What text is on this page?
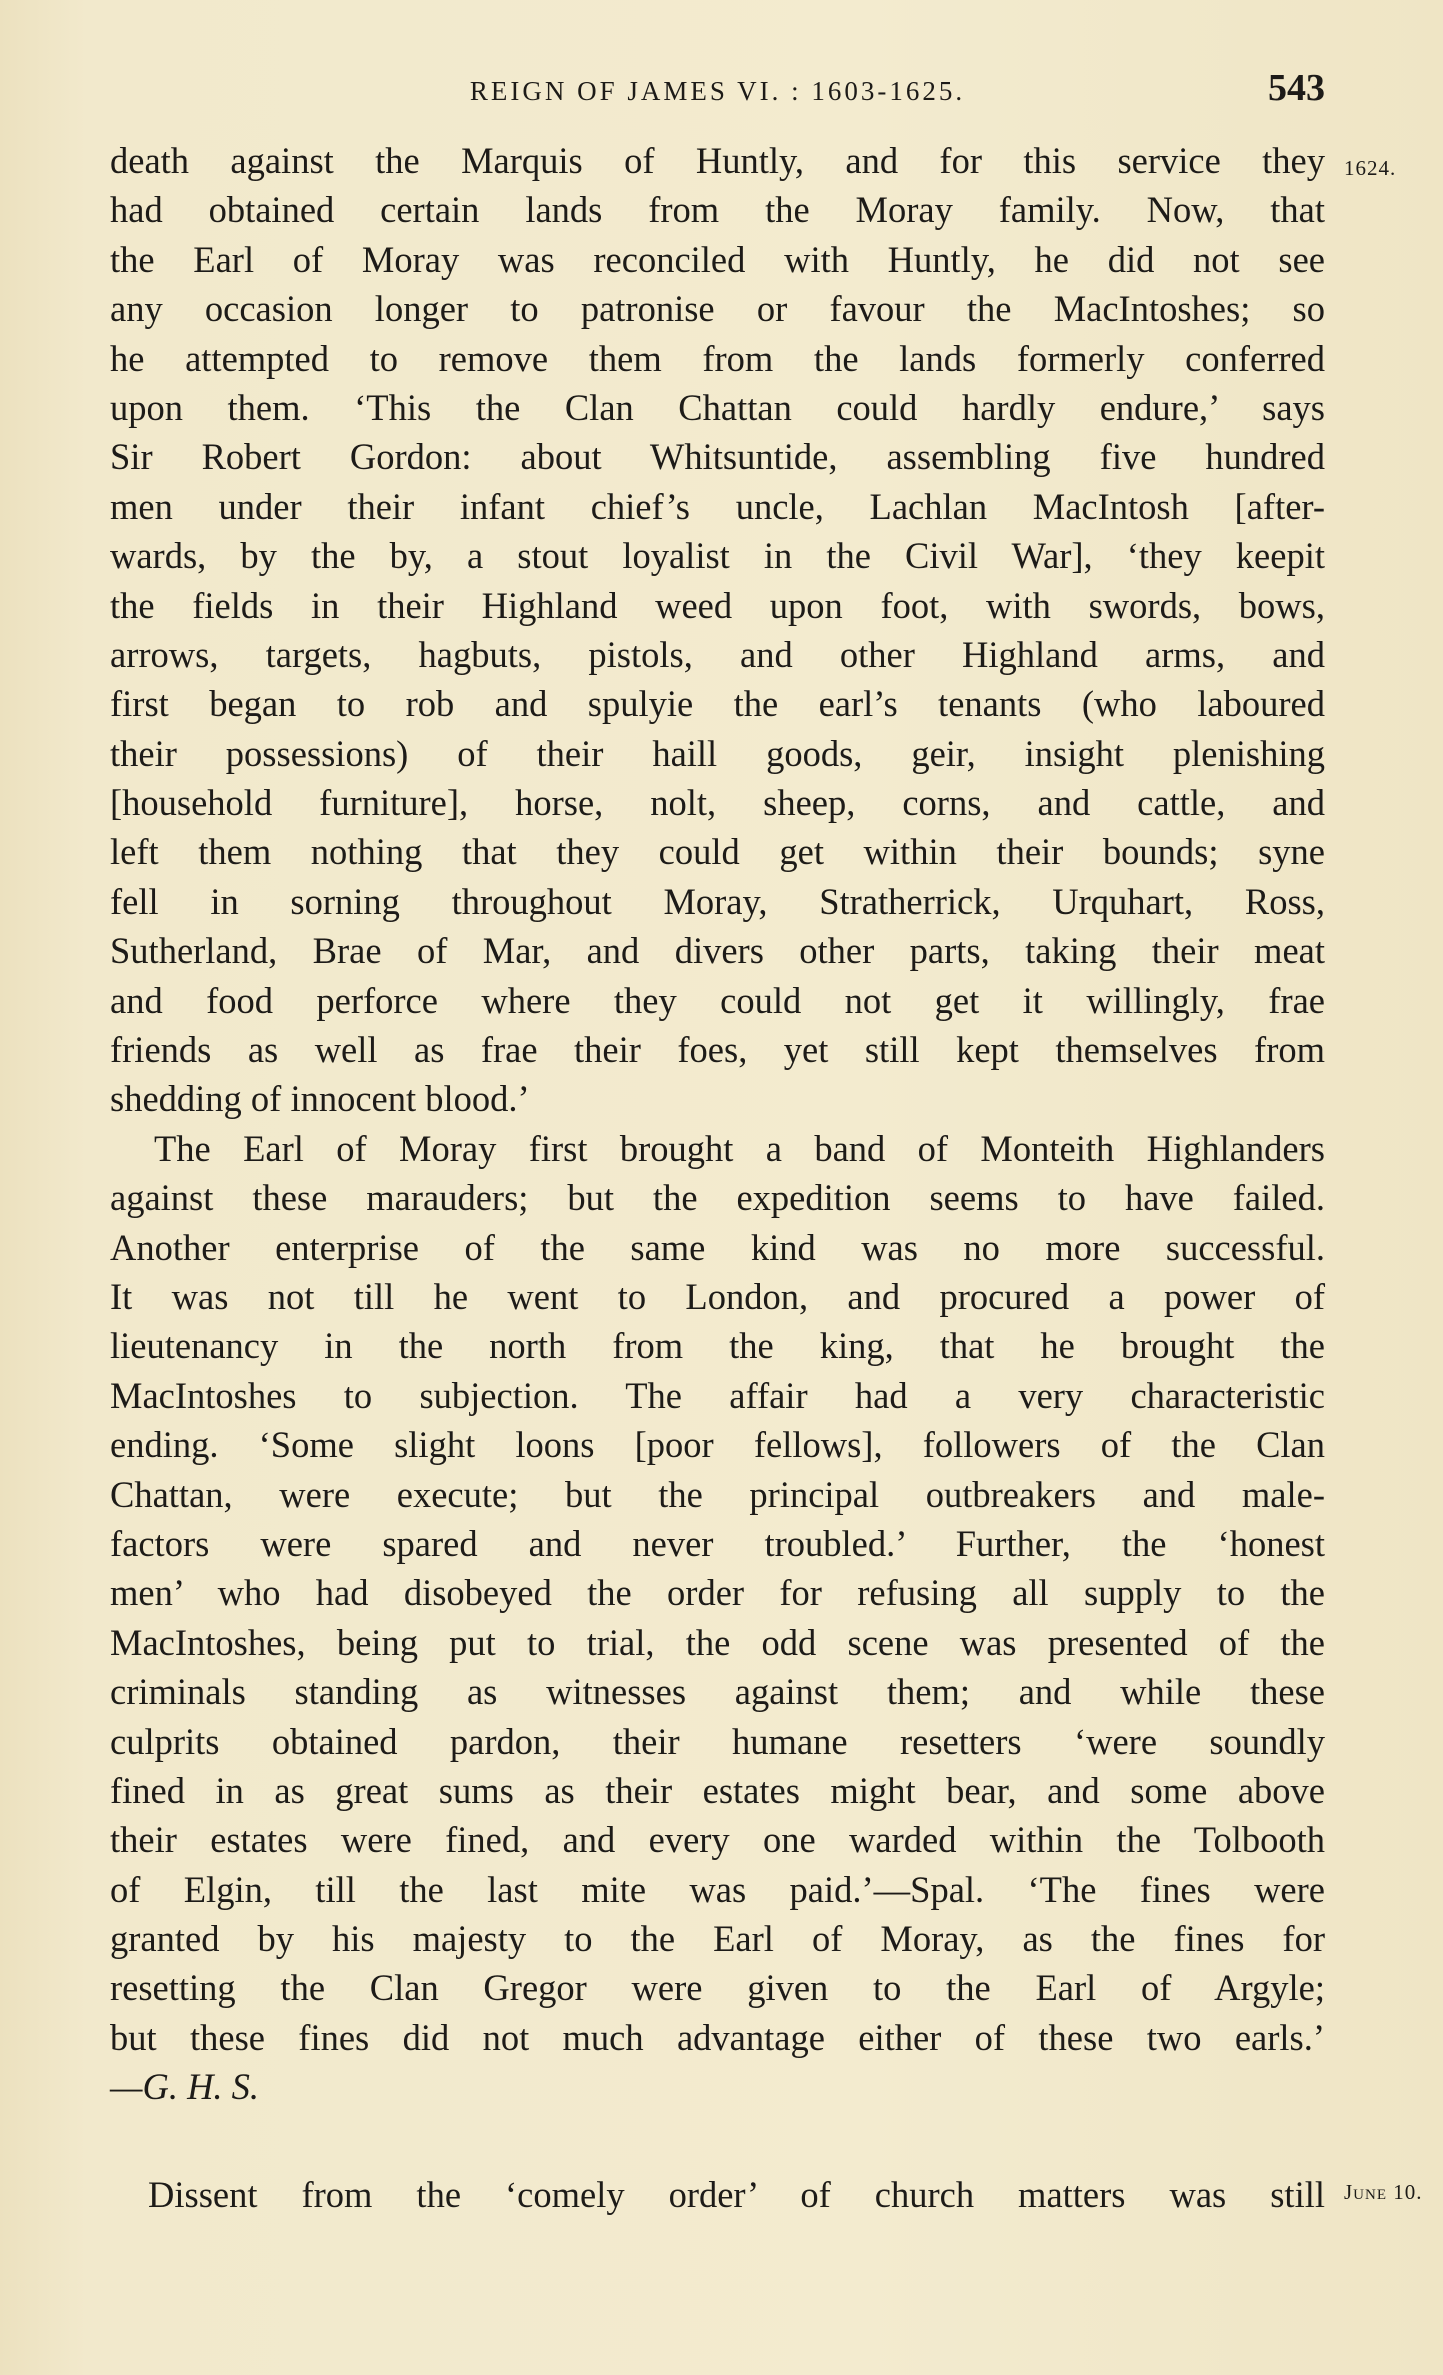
REIGN OF JAMES VI. : 1603-1625.	543
1624.
June 10.
death against the Marquis of Huntly, and for this service they
had obtained certain lands from the Moray family. Now, that
the Earl of Moray was reconciled with Huntly, he did not see
any occasion longer to patronise or favour the MacIntoshes; so
he attempted to remove them from the lands formerly conferred
upon them. ‘This the Clan Chattan could hardly endure,’ says
Sir Robert Gordon: about Whitsuntide, assembling five hundred
men under their infant chief’s uncle, Lachlan MacIntosh [after-
wards, by the by, a stout loyalist in the Civil War], ‘they keepit
the fields in their Highland weed upon foot, with swords, bows,
arrows, targets, hagbuts, pistols, and other Highland arms, and
first began to rob and spulyie the earl’s tenants (who laboured
their possessions) of their haill goods, geir, insight plenishing
[household furniture], horse, nolt, sheep, corns, and cattle, and
left them nothing that they could get within their bounds; syne
fell in sorning throughout Moray, Stratherrick, Urquhart, Ross,
Sutherland, Brae of Mar, and divers other parts, taking their meat
and food perforce where they could not get it willingly, frae
friends as well as frae their foes, yet still kept themselves from
shedding of innocent blood.’
The Earl of Moray first brought a band of Monteith Highlanders
against these marauders; but the expedition seems to have failed.
Another enterprise of the same kind was no more successful.
It was not till he went to London, and procured a power of
lieutenancy in the north from the king, that he brought the
MacIntoshes to subjection. The affair had a very characteristic
ending. ‘Some slight loons [poor fellows], followers of the Clan
Chattan, were execute; but the principal outbreakers and male-
factors were spared and never troubled.’ Further, the ‘honest
men’ who had disobeyed the order for refusing all supply to the
MacIntoshes, being put to trial, the odd scene was presented of the
criminals standing as witnesses against them; and while these
culprits obtained pardon, their humane resetters ‘were soundly
fined in as great sums as their estates might bear, and some above
their estates were fined, and every one warded within the Tolbooth
of Elgin, till the last mite was paid.’—Spal. ‘The fines were
granted by his majesty to the Earl of Moray, as the fines for
resetting the Clan Gregor were given to the Earl of Argyle;
but these fines did not much advantage either of these two earls.’
—G. H. S.
Dissent from the ‘comely order’ of church matters was still
